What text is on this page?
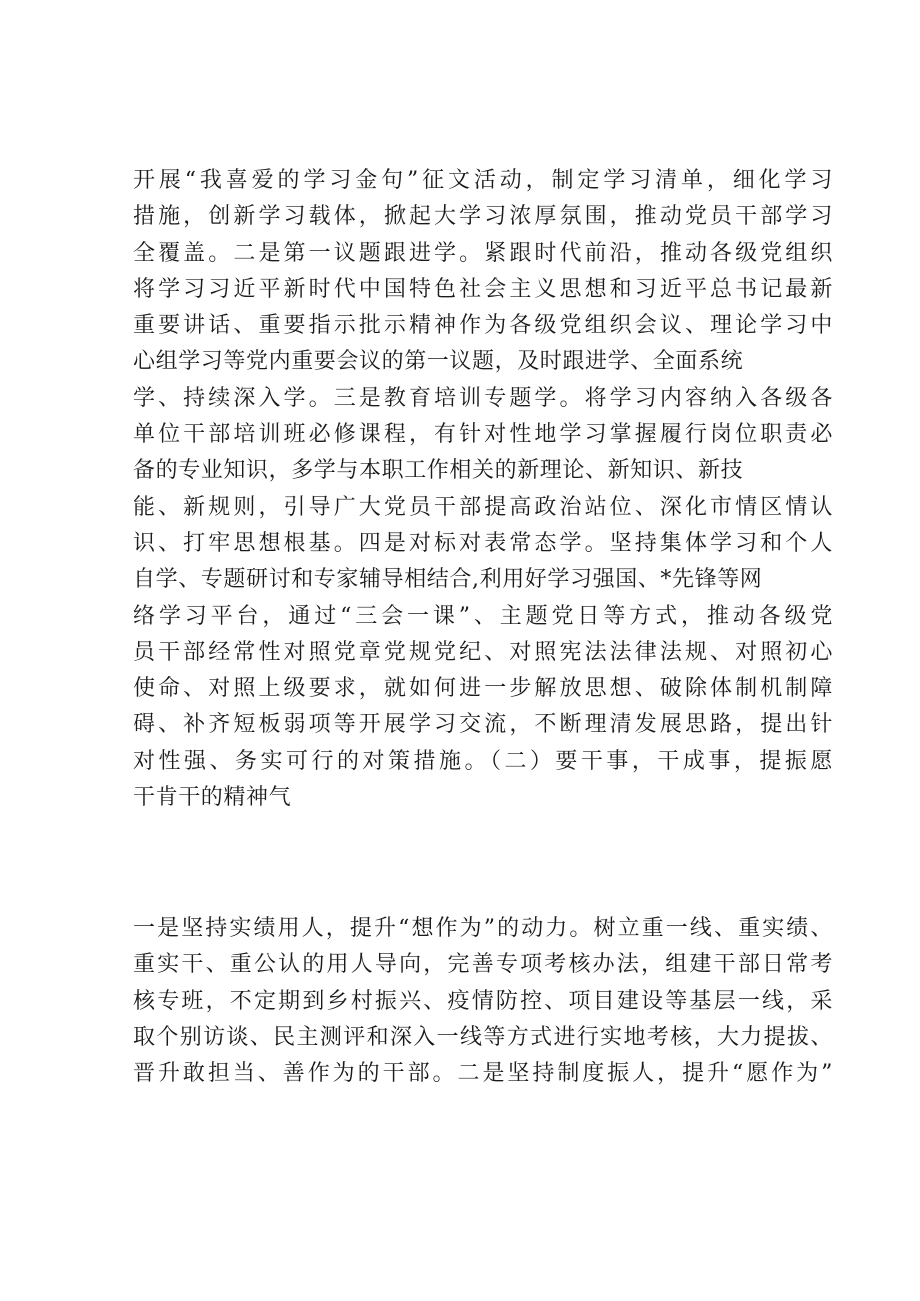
开展“我喜爱的学习金句”征文活动，制定学习清单，细化学习
措施，创新学习载体，掀起大学习浓厚氛围，推动党员干部学习
全覆盖。二是第一议题跟进学。紧跟时代前沿，推动各级党组织
将学习习近平新时代中国特色社会主义思想和习近平总书记最新
重要讲话、重要指示批示精神作为各级党组织会议、理论学习中
心组学习等党内重要会议的第一议题，及时跟进学、全面系统
学、持续深入学。三是教育培训专题学。将学习内容纳入各级各
单位干部培训班必修课程，有针对性地学习掌握履行岗位职责必
备的专业知识，多学与本职工作相关的新理论、新知识、新技
能、新规则，引导广大党员干部提高政治站位、深化市情区情认
识、打牢思想根基。四是对标对表常态学。坚持集体学习和个人
自学、专题研讨和专家辅导相结合,利用好学习强国、*先锋等网
络学习平台，通过“三会一课”、主题党日等方式，推动各级党
员干部经常性对照党章党规党纪、对照宪法法律法规、对照初心
使命、对照上级要求，就如何进一步解放思想、破除体制机制障
碍、补齐短板弱项等开展学习交流，不断理清发展思路，提出针
对性强、务实可行的对策措施。（二）要干事，干成事，提振愿
干肯干的精神气
一是坚持实绩用人，提升“想作为”的动力。树立重一线、重实绩、
重实干、重公认的用人导向，完善专项考核办法，组建干部日常考
核专班，不定期到乡村振兴、疫情防控、项目建设等基层一线，采
取个别访谈、民主测评和深入一线等方式进行实地考核，大力提拔、
晋升敢担当、善作为的干部。二是坚持制度振人，提升“愿作为”
